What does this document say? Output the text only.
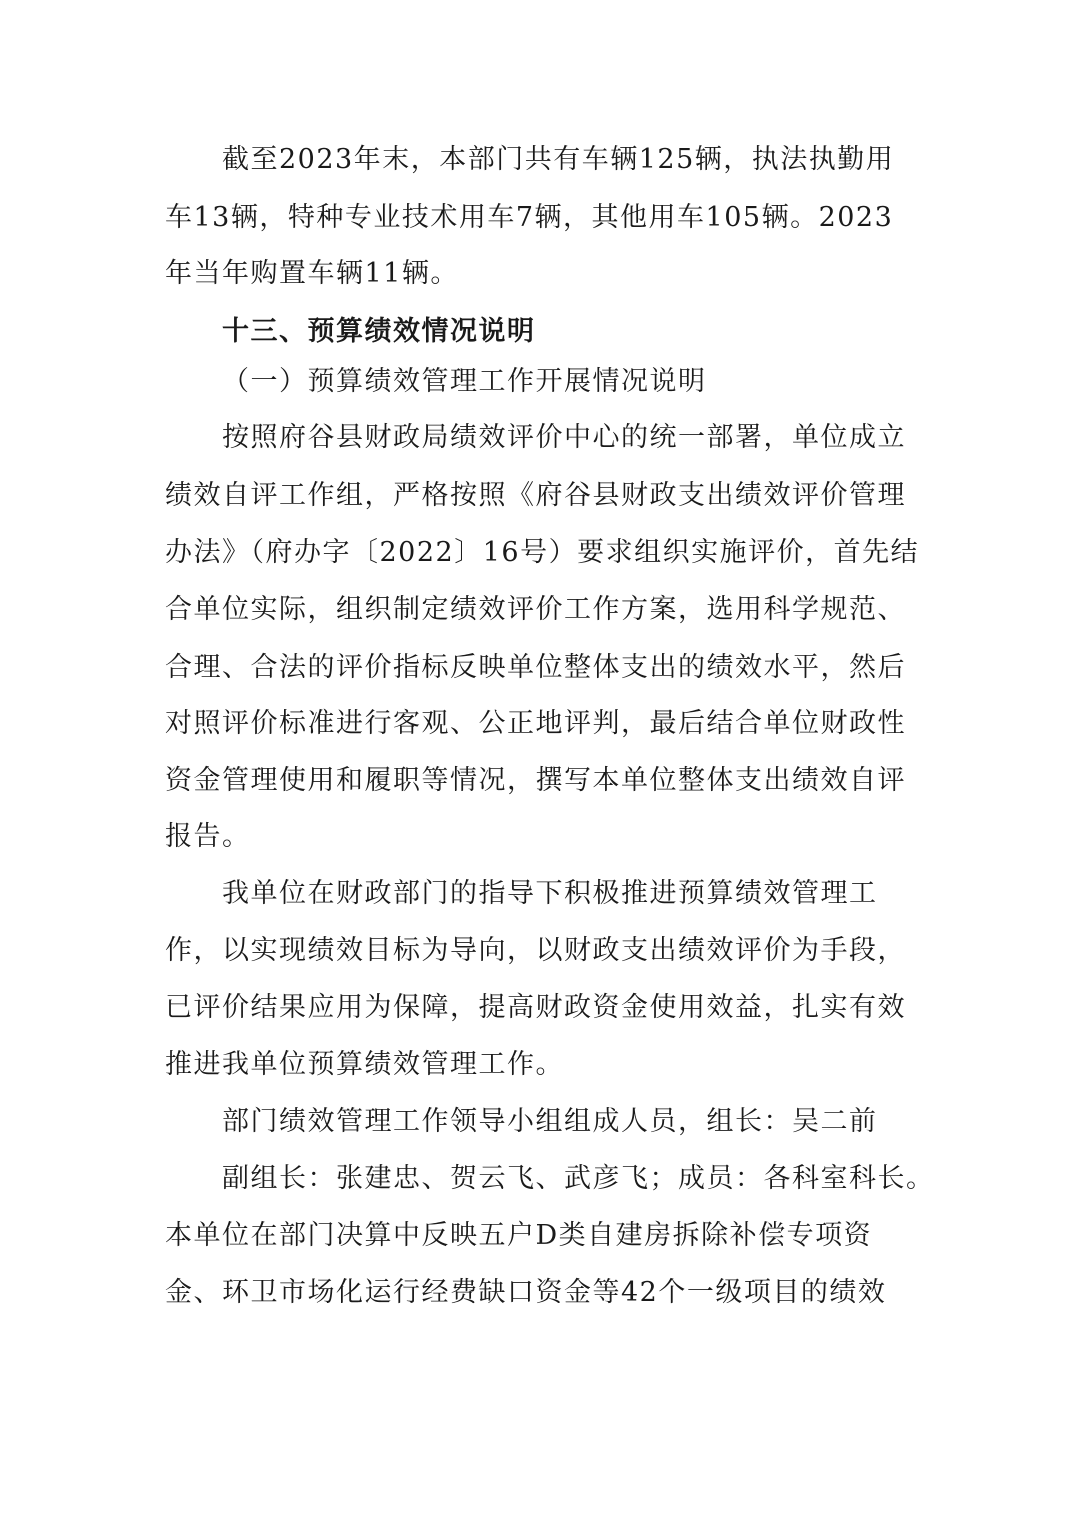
截至2023年末，本部门共有车辆125辆，执法执勤用
车13辆，特种专业技术用车7辆，其他用车105辆。2023
年当年购置车辆11辆。
十三、预算绩效情况说明
（一）预算绩效管理工作开展情况说明
按照府谷县财政局绩效评价中心的统一部署，单位成立
绩效自评工作组，严格按照《府谷县财政支出绩效评价管理
办法》（府办字〔2022〕16号）要求组织实施评价，首先结
合单位实际，组织制定绩效评价工作方案，选用科学规范、
合理、合法的评价指标反映单位整体支出的绩效水平，然后
对照评价标准进行客观、公正地评判，最后结合单位财政性
资金管理使用和履职等情况，撰写本单位整体支出绩效自评
报告。
我单位在财政部门的指导下积极推进预算绩效管理工
作，以实现绩效目标为导向，以财政支出绩效评价为手段，
已评价结果应用为保障，提高财政资金使用效益，扎实有效
推进我单位预算绩效管理工作。
部门绩效管理工作领导小组组成人员，组长：吴二前
副组长：张建忠、贺云飞、武彦飞；成员：各科室科长。
本单位在部门决算中反映五户D类自建房拆除补偿专项资
金、环卫市场化运行经费缺口资金等42个一级项目的绩效
